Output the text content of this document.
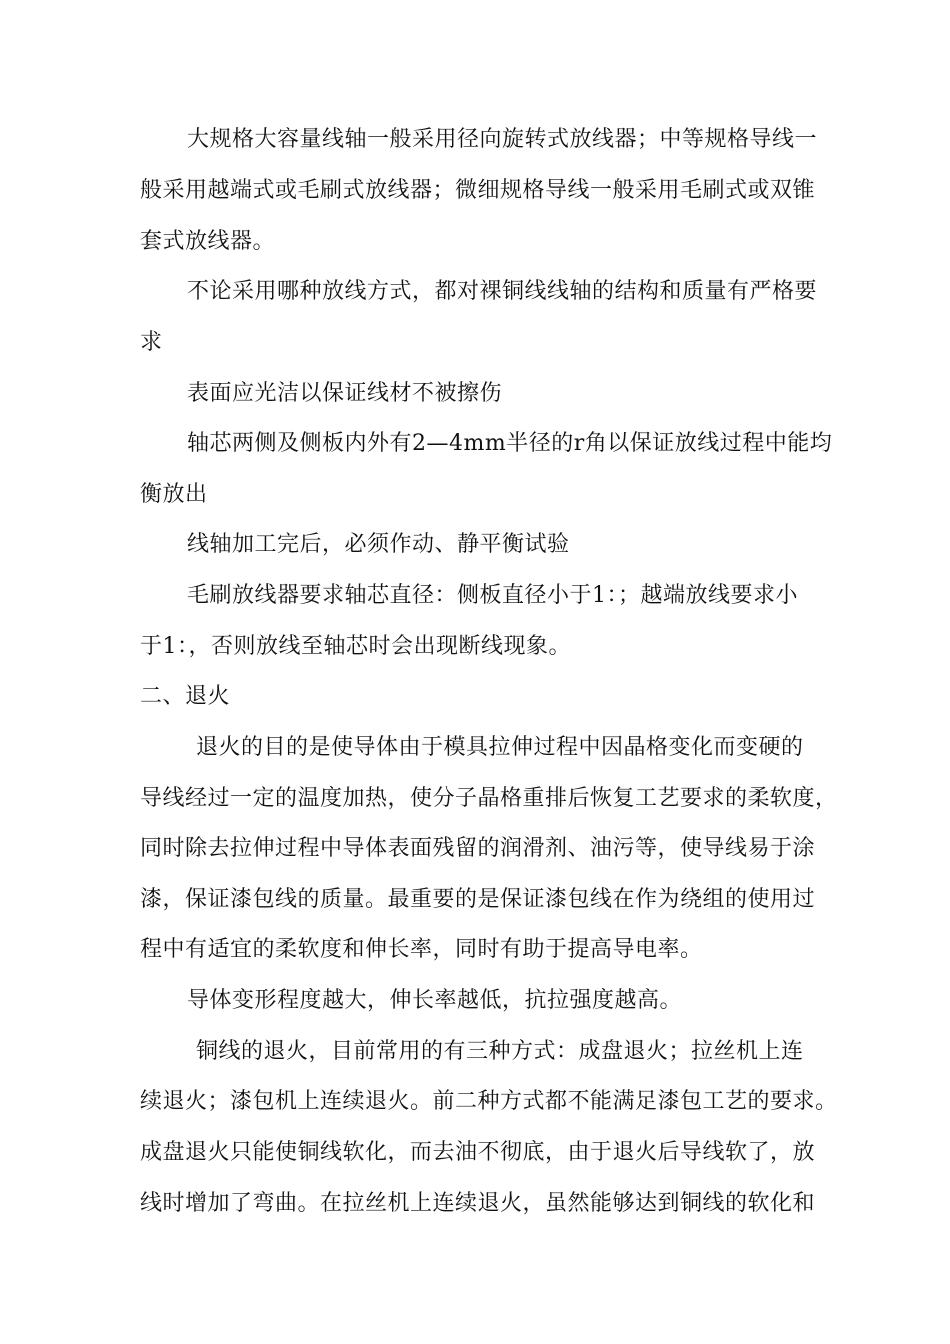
大规格大容量线轴一般采用径向旋转式放线器；中等规格导线一
般采用越端式或毛刷式放线器；微细规格导线一般采用毛刷式或双锥
套式放线器。
不论采用哪种放线方式，都对裸铜线线轴的结构和质量有严格要
求
表面应光洁以保证线材不被擦伤
轴芯两侧及侧板内外有2—4mm半径的r角以保证放线过程中能均
衡放出
线轴加工完后，必须作动、静平衡试验
毛刷放线器要求轴芯直径：侧板直径小于1：；越端放线要求小
于1：，否则放线至轴芯时会出现断线现象。
二、退火
退火的目的是使导体由于模具拉伸过程中因晶格变化而变硬的
导线经过一定的温度加热，使分子晶格重排后恢复工艺要求的柔软度，
同时除去拉伸过程中导体表面残留的润滑剂、油污等，使导线易于涂
漆，保证漆包线的质量。最重要的是保证漆包线在作为绕组的使用过
程中有适宜的柔软度和伸长率，同时有助于提高导电率。
导体变形程度越大，伸长率越低，抗拉强度越高。
铜线的退火，目前常用的有三种方式：成盘退火；拉丝机上连
续退火；漆包机上连续退火。前二种方式都不能满足漆包工艺的要求。
成盘退火只能使铜线软化，而去油不彻底，由于退火后导线软了，放
线时增加了弯曲。在拉丝机上连续退火，虽然能够达到铜线的软化和
